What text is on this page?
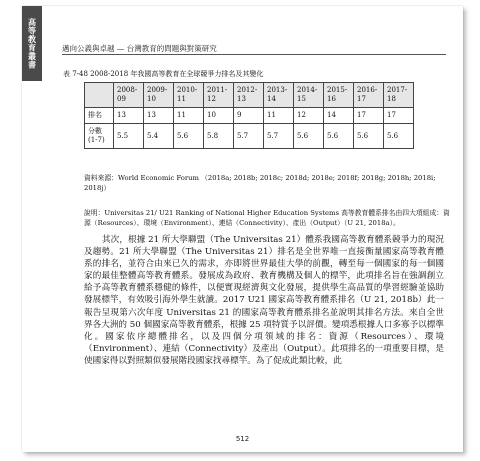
高等教育叢書	邁向公義與卓越 — 台灣教育的問題與對策研究
表 7-48 2008-2018 年我國高等教育在全球競爭力排名及其變化
	2008-09	2009-10	2010-11	2011-12	2012-13	2013-14	2014-15	2015-16	2016-17	2017-18
排名	13	13	11	10	9	11	12	14	17	17
分數 (1-7)	5.5	5.4	5.6	5.8	5.7	5.7	5.6	5.6	5.6	5.6
資料來源：World Economic Forum （2018a; 2018b; 2018c; 2018d; 2018e; 2018f; 2018g; 2018h; 2018i; 2018j）
說明：Universitas 21/ U21 Ranking of National Higher Education Systems 高等教育體系排名由四大項組成：資源（Resources）、環境（Environment）、連結（Connectivity）、產出（Output）（U 21, 2018a）。
其次，根據 21 所大學聯盟（The Universitas 21）體系我國高等教育體系競爭力的現況及趨勢。21 所大學聯盟（The Universitas 21）排名是全世界唯一直接衡量國家高等教育體系的排名，並符合由來已久的需求，亦即將世界最佳大學的前觀，轉至每一個國家的每一個國家的最佳整體高等教育體系。發展成為政府、教育機構及個人的標竿，此項排名旨在強調創立給予高等教育體系穩健的條件，以便實現經濟與文化發展，提供學生高品質的學習經驗並協助發展標竿，有效吸引海外學生就讀。2017 U21 國家高等教育體系排名（U 21, 2018b）此一報告呈現第六次年度 Universitas 21 的國家高等教育體系排名並說明其排名方法。來自全世界各大洲的 50 個國家高等教育體系，根據 25 項特質予以評價。變項悉根據人口多寡予以標準化。國家依序總體排名，以及四個分項領域的排名：資源（Resources）、環境（Environment）、連結（Connectivity）及產出（Output）。此項排名的一項重要目標，是使國家得以對照類似發展階段國家找尋標竿。為了促成此類比較，此
512
